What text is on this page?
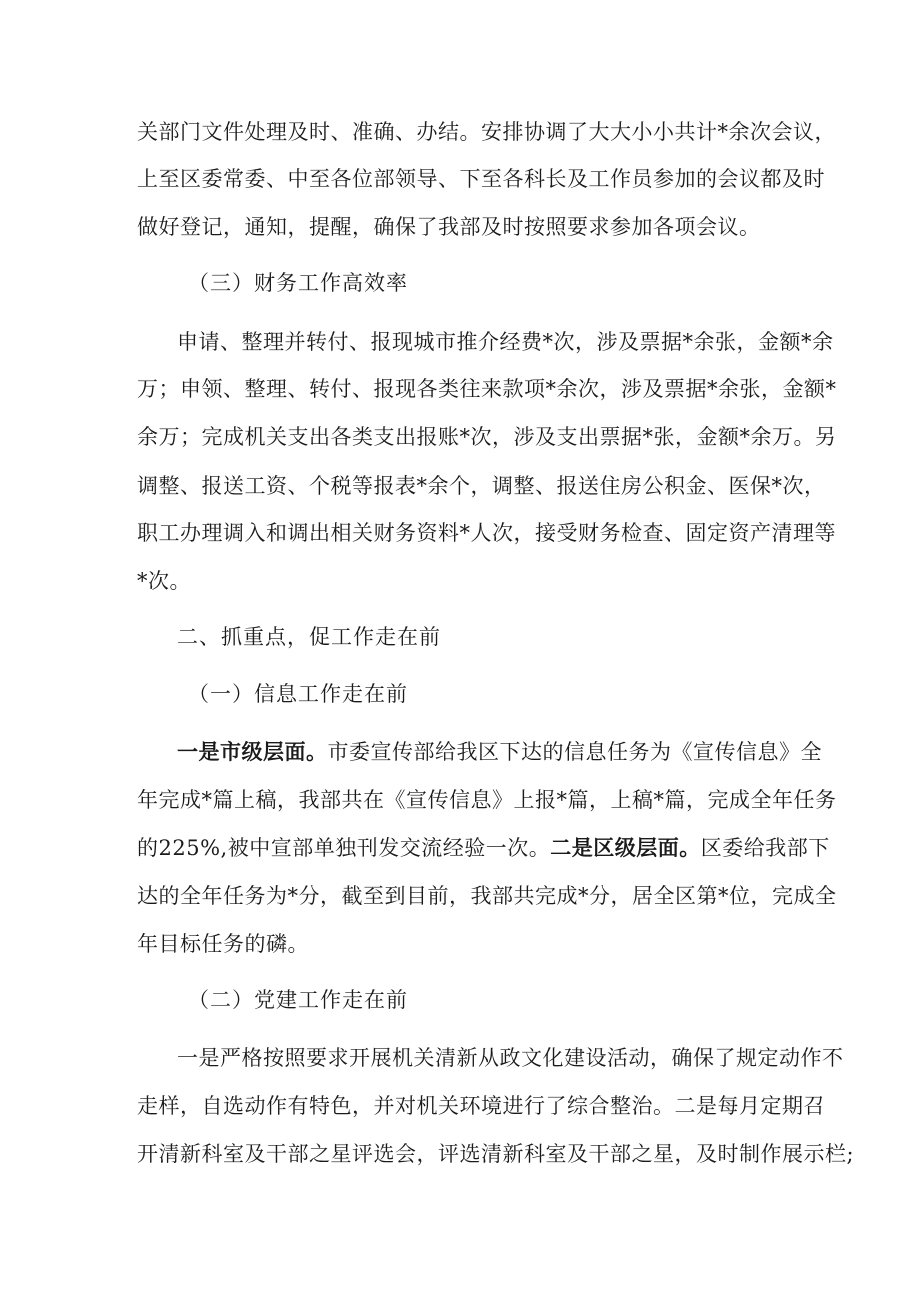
关部门文件处理及时、准确、办结。安排协调了大大小小共计*余次会议，
上至区委常委、中至各位部领导、下至各科长及工作员参加的会议都及时
做好登记，通知，提醒，确保了我部及时按照要求参加各项会议。
（三）财务工作高效率
申请、整理并转付、报现城市推介经费*次，涉及票据*余张，金额*余
万；申领、整理、转付、报现各类往来款项*余次，涉及票据*余张，金额*
余万；完成机关支出各类支出报账*次，涉及支出票据*张，金额*余万。另
调整、报送工资、个税等报表*余个，调整、报送住房公积金、医保*次，
职工办理调入和调出相关财务资料*人次，接受财务检查、固定资产清理等
*次。
二、抓重点，促工作走在前
（一）信息工作走在前
一是市级层面。市委宣传部给我区下达的信息任务为《宣传信息》全
年完成*篇上稿，我部共在《宣传信息》上报*篇，上稿*篇，完成全年任务
的225%,被中宣部单独刊发交流经验一次。二是区级层面。区委给我部下
达的全年任务为*分，截至到目前，我部共完成*分，居全区第*位，完成全
年目标任务的磷。
（二）党建工作走在前
一是严格按照要求开展机关清新从政文化建设活动，确保了规定动作不
走样，自选动作有特色，并对机关环境进行了综合整治。二是每月定期召
开清新科室及干部之星评选会，评选清新科室及干部之星，及时制作展示栏;
